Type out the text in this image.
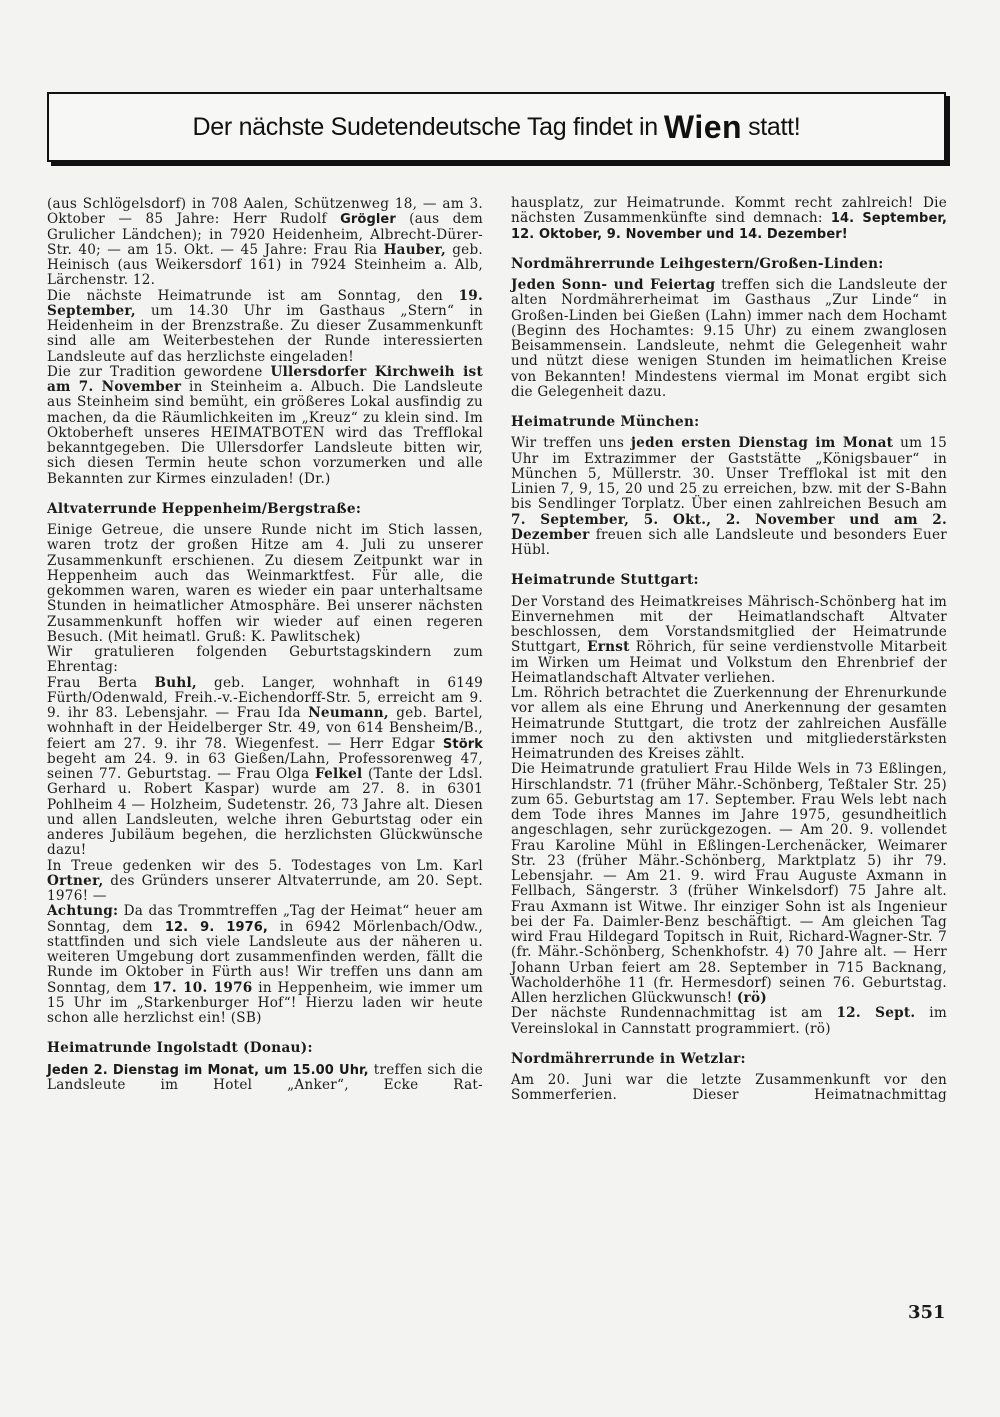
Der nächste Sudetendeutsche Tag findet in Wien statt!

(aus Schlögelsdorf) in 708 Aalen, Schützenweg 18, — am 3. Oktober — 85 Jahre: Herr Rudolf Grögler (aus dem Grulicher Ländchen); in 7920 Heidenheim, Albrecht-Dürer-Str. 40; — am 15. Okt. — 45 Jahre: Frau Ria Hauber, geb. Heinisch (aus Weikersdorf 161) in 7924 Steinheim a. Alb, Lärchenstr. 12.

Die nächste Heimatrunde ist am Sonntag, den 19. September, um 14.30 Uhr im Gasthaus „Stern“ in Heidenheim in der Brenzstraße. Zu dieser Zusammenkunft sind alle am Weiterbestehen der Runde interessierten Landsleute auf das herzlichste eingeladen!

Die zur Tradition gewordene Ullersdorfer Kirchweih ist am 7. November in Steinheim a. Albuch. Die Landsleute aus Steinheim sind bemüht, ein größeres Lokal ausfindig zu machen, da die Räumlichkeiten im „Kreuz“ zu klein sind. Im Oktoberheft unseres HEIMATBOTEN wird das Trefflokal bekanntgegeben. Die Ullersdorfer Landsleute bitten wir, sich diesen Termin heute schon vorzumerken und alle Bekannten zur Kirmes einzuladen! (Dr.)

Altvaterrunde Heppenheim/Bergstraße:

Einige Getreue, die unsere Runde nicht im Stich lassen, waren trotz der großen Hitze am 4. Juli zu unserer Zusammenkunft erschienen. Zu diesem Zeitpunkt war in Heppenheim auch das Weinmarktfest. Für alle, die gekommen waren, waren es wieder ein paar unterhaltsame Stunden in heimatlicher Atmosphäre. Bei unserer nächsten Zusammenkunft hoffen wir wieder auf einen regeren Besuch. (Mit heimatl. Gruß: K. Pawlitschek)

Wir gratulieren folgenden Geburtstagskindern zum Ehrentag:

Frau Berta Buhl, geb. Langer, wohnhaft in 6149 Fürth/Odenwald, Freih.-v.-Eichendorff-Str. 5, erreicht am 9. 9. ihr 83. Lebensjahr. — Frau Ida Neumann, geb. Bartel, wohnhaft in der Heidelberger Str. 49, von 614 Bensheim/B., feiert am 27. 9. ihr 78. Wiegenfest. — Herr Edgar Störk begeht am 24. 9. in 63 Gießen/Lahn, Professorenweg 47, seinen 77. Geburtstag. — Frau Olga Felkel (Tante der Ldsl. Gerhard u. Robert Kaspar) wurde am 27. 8. in 6301 Pohlheim 4 — Holzheim, Sudetenstr. 26, 73 Jahre alt. Diesen und allen Landsleuten, welche ihren Geburtstag oder ein anderes Jubiläum begehen, die herzlichsten Glückwünsche dazu!

In Treue gedenken wir des 5. Todestages von Lm. Karl Ortner, des Gründers unserer Altvaterrunde, am 20. Sept. 1976! —

Achtung: Da das Trommtreffen „Tag der Heimat“ heuer am Sonntag, dem 12. 9. 1976, in 6942 Mörlenbach/Odw., stattfinden und sich viele Landsleute aus der näheren u. weiteren Umgebung dort zusammenfinden werden, fällt die Runde im Oktober in Fürth aus! Wir treffen uns dann am Sonntag, dem 17. 10. 1976 in Heppenheim, wie immer um 15 Uhr im „Starkenburger Hof“! Hierzu laden wir heute schon alle herzlichst ein! (SB)

Heimatrunde Ingolstadt (Donau):

Jeden 2. Dienstag im Monat, um 15.00 Uhr, treffen sich die Landsleute im Hotel „Anker“, Ecke Rat-

hausplatz, zur Heimatrunde. Kommt recht zahlreich! Die nächsten Zusammenkünfte sind demnach: 14. September, 12. Oktober, 9. November und 14. Dezember!

Nordmährerrunde Leihgestern/Großen-Linden:

Jeden Sonn- und Feiertag treffen sich die Landsleute der alten Nordmährerheimat im Gasthaus „Zur Linde“ in Großen-Linden bei Gießen (Lahn) immer nach dem Hochamt (Beginn des Hochamtes: 9.15 Uhr) zu einem zwanglosen Beisammensein. Landsleute, nehmt die Gelegenheit wahr und nützt diese wenigen Stunden im heimatlichen Kreise von Bekannten! Mindestens viermal im Monat ergibt sich die Gelegenheit dazu.

Heimatrunde München:

Wir treffen uns jeden ersten Dienstag im Monat um 15 Uhr im Extrazimmer der Gaststätte „Königsbauer“ in München 5, Müllerstr. 30. Unser Trefflokal ist mit den Linien 7, 9, 15, 20 und 25 zu erreichen, bzw. mit der S-Bahn bis Sendlinger Torplatz. Über einen zahlreichen Besuch am 7. September, 5. Okt., 2. November und am 2. Dezember freuen sich alle Landsleute und besonders Euer Hübl.

Heimatrunde Stuttgart:

Der Vorstand des Heimatkreises Mährisch-Schönberg hat im Einvernehmen mit der Heimatlandschaft Altvater beschlossen, dem Vorstandsmitglied der Heimatrunde Stuttgart, Ernst Röhrich, für seine verdienstvolle Mitarbeit im Wirken um Heimat und Volkstum den Ehrenbrief der Heimatlandschaft Altvater verliehen.

Lm. Röhrich betrachtet die Zuerkennung der Ehrenurkunde vor allem als eine Ehrung und Anerkennung der gesamten Heimatrunde Stuttgart, die trotz der zahlreichen Ausfälle immer noch zu den aktivsten und mitgliederstärksten Heimatrunden des Kreises zählt.

Die Heimatrunde gratuliert Frau Hilde Wels in 73 Eßlingen, Hirschlandstr. 71 (früher Mähr.-Schönberg, Teßtaler Str. 25) zum 65. Geburtstag am 17. September. Frau Wels lebt nach dem Tode ihres Mannes im Jahre 1975, gesundheitlich angeschlagen, sehr zurückgezogen. — Am 20. 9. vollendet Frau Karoline Mühl in Eßlingen-Lerchenäcker, Weimarer Str. 23 (früher Mähr.-Schönberg, Marktplatz 5) ihr 79. Lebensjahr. — Am 21. 9. wird Frau Auguste Axmann in Fellbach, Sängerstr. 3 (früher Winkelsdorf) 75 Jahre alt. Frau Axmann ist Witwe. Ihr einziger Sohn ist als Ingenieur bei der Fa. Daimler-Benz beschäftigt. — Am gleichen Tag wird Frau Hildegard Topitsch in Ruit, Richard-Wagner-Str. 7 (fr. Mähr.-Schönberg, Schenkhofstr. 4) 70 Jahre alt. — Herr Johann Urban feiert am 28. September in 715 Backnang, Wacholderhöhe 11 (fr. Hermesdorf) seinen 76. Geburtstag. Allen herzlichen Glückwunsch! (rö)

Der nächste Rundennachmittag ist am 12. Sept. im Vereinslokal in Cannstatt programmiert. (rö)

Nordmährerrunde in Wetzlar:

Am 20. Juni war die letzte Zusammenkunft vor den Sommerferien. Dieser Heimatnachmittag

351
